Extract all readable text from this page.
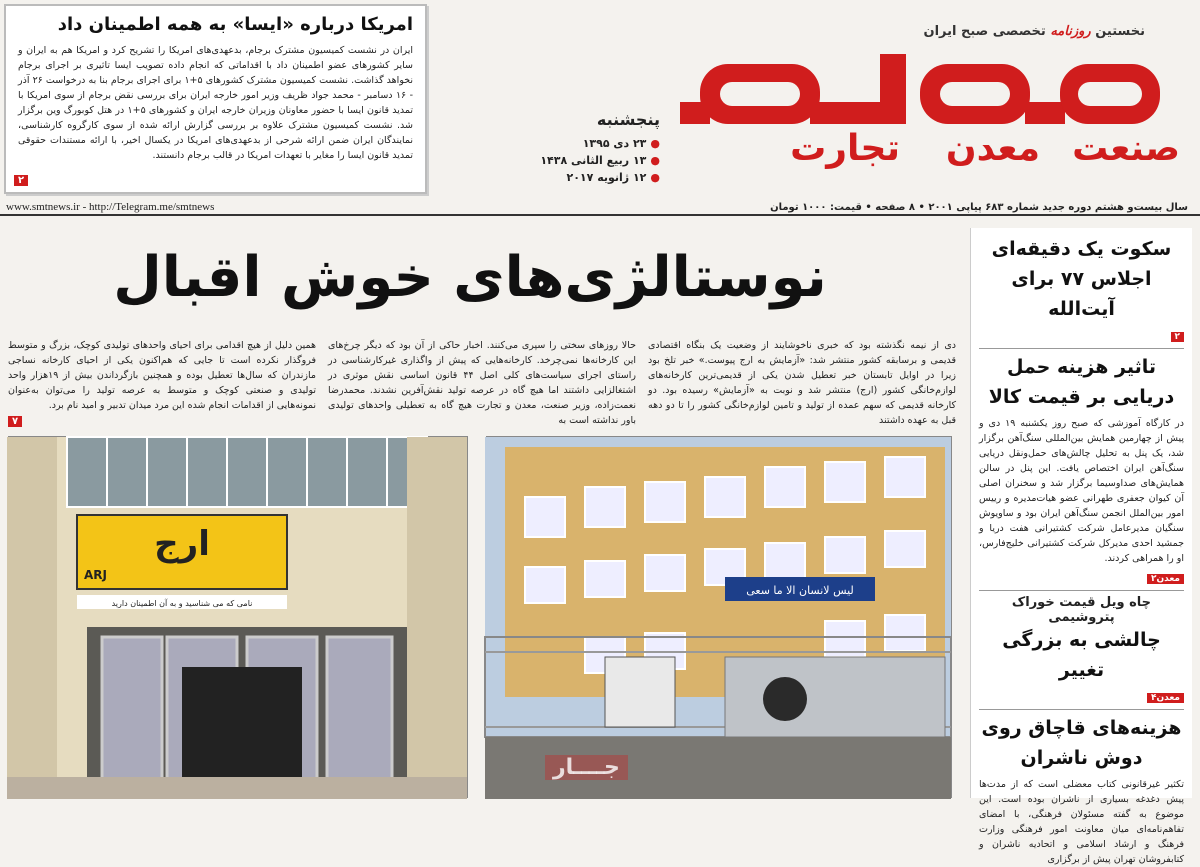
نخستین روزنامه تخصصی صبح ایران
صنعت
معدن
تجارت
پنجشنبه
●۲۳ دی ۱۳۹۵
●۱۳ ربیع الثانی ۱۴۳۸
●۱۲ ژانویه ۲۰۱۷
امریکا درباره «ایسا» به همه اطمینان داد

ایران در نشست کمیسیون مشترک برجام، بدعهدی‌های امریکا را تشریح کرد و امریکا هم به ایران و سایر کشورهای عضو اطمینان داد با اقداماتی که انجام داده تصویب ایسا تاثیری بر اجرای برجام نخواهد گذاشت. نشست کمیسیون مشترک کشورهای ۵+۱ برای اجرای برجام بنا به درخواست ۲۶ آذر - ۱۶ دسامبر - محمد جواد ظریف وزیر امور خارجه ایران برای بررسی نقض برجام از سوی امریکا با تمدید قانون ایسا با حضور معاونان وزیران خارجه ایران و کشورهای ۵+۱ در هتل کوبورگ وین برگزار شد. نشست کمیسیون مشترک علاوه بر بررسی گزارش ارائه شده از سوی کارگروه کارشناسی، نمایندگان ایران ضمن ارائه شرحی از بدعهدی‌های امریکا در یکسال اخیر، با ارائه مستندات حقوقی تمدید قانون ایسا را مغایر با تعهدات امریکا در قالب برجام دانستند.

۲
سال بیست‌و هشتم دوره جدید شماره ۶۸۳ پیاپی ۲۰۰۱ • ۸ صفحه • قیمت: ۱۰۰۰ تومان
www.smtnews.ir - http://Telegram.me/smtnews
سکوت یک دقیقه‌ای اجلاس ۷۷ برای آیت‌الله
۲
تاثیر هزینه حمل دریایی بر قیمت کالا
در کارگاه آموزشی که صبح روز یکشنبه ۱۹ دی و پیش از چهارمین همایش بین‌المللی سنگ‌آهن برگزار شد، یک پنل به تحلیل چالش‌های حمل‌ونقل دریایی سنگ‌آهن ایران اختصاص یافت. این پنل در سالن همایش‌های صداوسیما برگزار شد و سخنران اصلی آن کیوان جعفری طهرانی عضو هیات‌مدیره و رییس امور بین‌الملل انجمن سنگ‌آهن ایران بود و ساویوش سنگیان مدیرعامل شرکت کشتیرانی هفت دریا و جمشید احدی مدیرکل شرکت کشتیرانی خلیج‌فارس، او را همراهی کردند.
معدن۲
چاه ویل قیمت خوراک پتروشیمی
چالشی به بزرگی تغییر
معدن۴
هزینه‌های قاچاق روی دوش ناشران
تکثیر غیرقانونی کتاب معضلی است که از مدت‌ها پیش دغدغه بسیاری از ناشران بوده است. این موضوع به گفته مسئولان فرهنگی، با امضای تفاهم‌نامه‌ای میان معاونت امور فرهنگی وزارت فرهنگ و ارشاد اسلامی و اتحادیه ناشران و کتابفروشان تهران پیش از برگزاری
نوستالژی‌های خوش اقبال
دی از نیمه نگذشته بود که خبری ناخوشایند از وضعیت یک بنگاه اقتصادی قدیمی و برسابقه کشور منتشر شد: «آزمایش به ارج پیوست.» خبر تلخ بود زیرا در اوایل تابستان خبر تعطیل شدن یکی از قدیمی‌ترین کارخانه‌های لوازم‌خانگی کشور (ارج) منتشر شد و نوبت به «آزمایش» رسیده بود. دو کارخانه قدیمی که سهم عمده از تولید و تامین لوازم‌خانگی کشور را تا دو دهه قبل به عهده داشتند
حالا روزهای سختی را سپری می‌کنند. اخبار حاکی از آن بود که دیگر چرخ‌های این کارخانه‌ها نمی‌چرخد. کارخانه‌هایی که پیش از واگذاری غیرکارشناسی در راستای اجرای سیاست‌های کلی اصل ۴۴ قانون اساسی نقش موثری در اشتغالزایی داشتند اما هیچ گاه در عرصه تولید نقش‌آفرین نشدند. محمدرضا نعمت‌زاده، وزیر صنعت، معدن و تجارت هیچ گاه به تعطیلی واحدهای تولیدی باور نداشته است به
همین دلیل از هیچ اقدامی برای احیای واحدهای تولیدی کوچک، بزرگ و متوسط فروگذار نکرده است تا جایی که هم‌اکنون یکی از احیای کارخانه نساجی مازندران که سال‌ها تعطیل بوده و همچنین بازگرداندن بیش از ۱۹هزار واحد تولیدی و صنعتی کوچک و متوسط به عرصه تولید را می‌توان به‌عنوان نمونه‌هایی از اقدامات انجام شده این مرد میدان تدبیر و امید نام برد.
۷
ارج
ARJ
نامی که می شناسید و به آن اطمینان دارید
لیس لانسان الا ما سعی
جــــار
